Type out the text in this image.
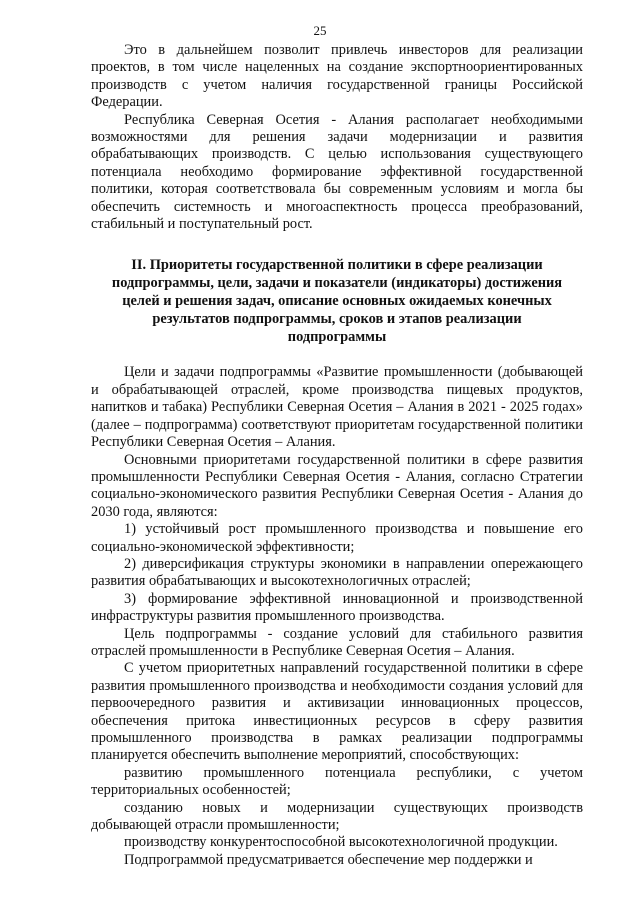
25

Это в дальнейшем позволит привлечь инвесторов для реализации проектов, в том числе нацеленных на создание экспортноориентированных производств с учетом наличия государственной границы Российской Федерации.

Республика Северная Осетия - Алания располагает необходимыми возможностями для решения задачи модернизации и развития обрабатывающих производств. С целью использования существующего потенциала необходимо формирование эффективной государственной политики, которая соответствовала бы современным условиям и могла бы обеспечить системность и многоаспектность процесса преобразований, стабильный и поступательный рост.

II. Приоритеты государственной политики в сфере реализации подпрограммы, цели, задачи и показатели (индикаторы) достижения целей и решения задач, описание основных ожидаемых конечных результатов подпрограммы, сроков и этапов реализации подпрограммы

Цели и задачи подпрограммы «Развитие промышленности (добывающей и обрабатывающей отраслей, кроме производства пищевых продуктов, напитков и табака) Республики Северная Осетия – Алания в 2021 - 2025 годах» (далее – подпрограмма) соответствуют приоритетам государственной политики Республики Северная Осетия – Алания.

Основными приоритетами государственной политики в сфере развития промышленности Республики Северная Осетия - Алания, согласно Стратегии социально-экономического развития Республики Северная Осетия - Алания до 2030 года, являются:

1) устойчивый рост промышленного производства и повышение его социально-экономической эффективности;

2) диверсификация структуры экономики в направлении опережающего развития обрабатывающих и высокотехнологичных отраслей;

3) формирование эффективной инновационной и производственной инфраструктуры развития промышленного производства.

Цель подпрограммы - создание условий для стабильного развития отраслей промышленности в Республике Северная Осетия – Алания.

С учетом приоритетных направлений государственной политики в сфере развития промышленного производства и необходимости создания условий для первоочередного развития и активизации инновационных процессов, обеспечения притока инвестиционных ресурсов в сферу развития промышленного производства в рамках реализации подпрограммы планируется обеспечить выполнение мероприятий, способствующих:

развитию промышленного потенциала республики, с учетом территориальных особенностей;

созданию новых и модернизации существующих производств добывающей отрасли промышленности;

производству конкурентоспособной высокотехнологичной продукции.

Подпрограммой предусматривается обеспечение мер поддержки и
